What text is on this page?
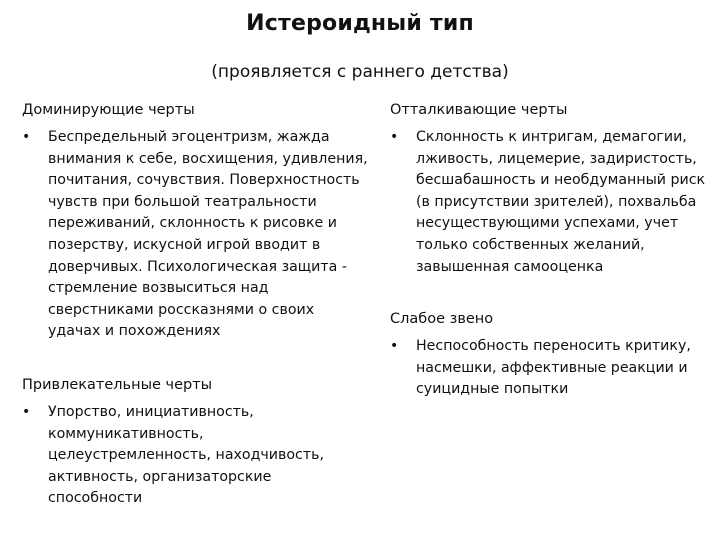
Истероидный тип
(проявляется с раннего детства)
Доминирующие черты
•	Беспредельный эгоцентризм, жажда внимания к себе, восхищения, удивления, почитания, сочувствия. Поверхностность чувств при большой театральности переживаний, склонность к рисовке и позерству, искусной игрой вводит в доверчивых. Психологическая защита - стремление возвыситься над сверстниками россказнями о своих удачах и похождениях
Привлекательные черты
•	Упорство, инициативность, коммуникативность, целеустремленность, находчивость, активность, организаторские способности
Отталкивающие черты
•	Склонность к интригам, демагогии, лживость, лицемерие, задиристость, бесшабашность и необдуманный риск (в присутствии зрителей), похвальба несуществующими успехами, учет только собственных желаний, завышенная самооценка
Слабое звено
•	Неспособность переносить критику, насмешки, аффективные реакции и суицидные попытки
